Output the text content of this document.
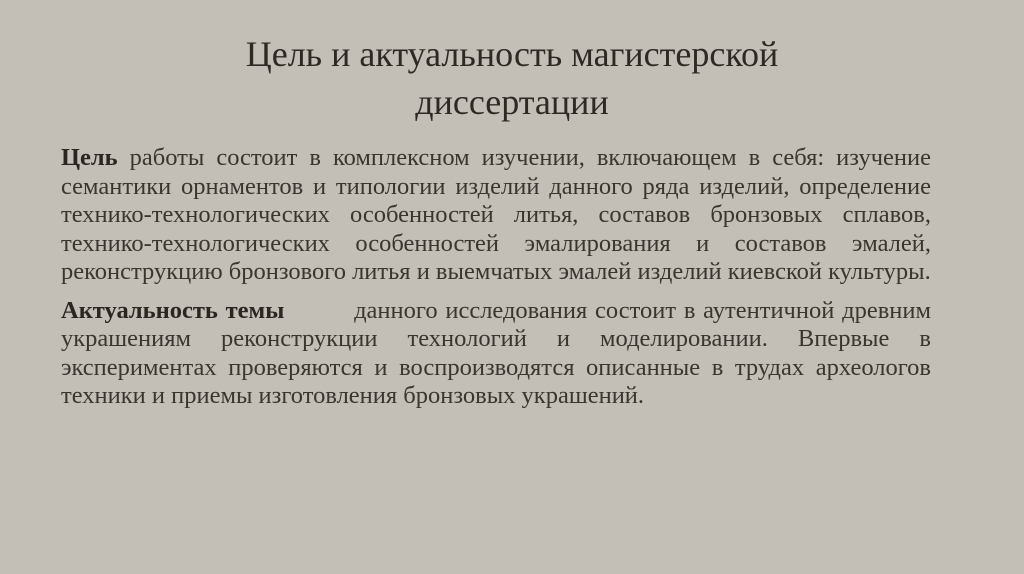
Цель и актуальность магистерской
диссертации

Цель работы состоит в комплексном изучении, включающем в себя: изучение семантики орнаментов и типологии изделий данного ряда изделий, определение технико-технологических особенностей литья, составов бронзовых сплавов, технико-технологических особенностей эмалирования и составов эмалей, реконструкцию бронзового литья и выемчатых эмалей изделий киевской культуры.

Актуальность темы	данного исследования состоит в аутентичной древним украшениям реконструкции технологий и моделировании. Впервые в экспериментах проверяются и воспроизводятся описанные в трудах археологов техники и приемы изготовления бронзовых украшений.
